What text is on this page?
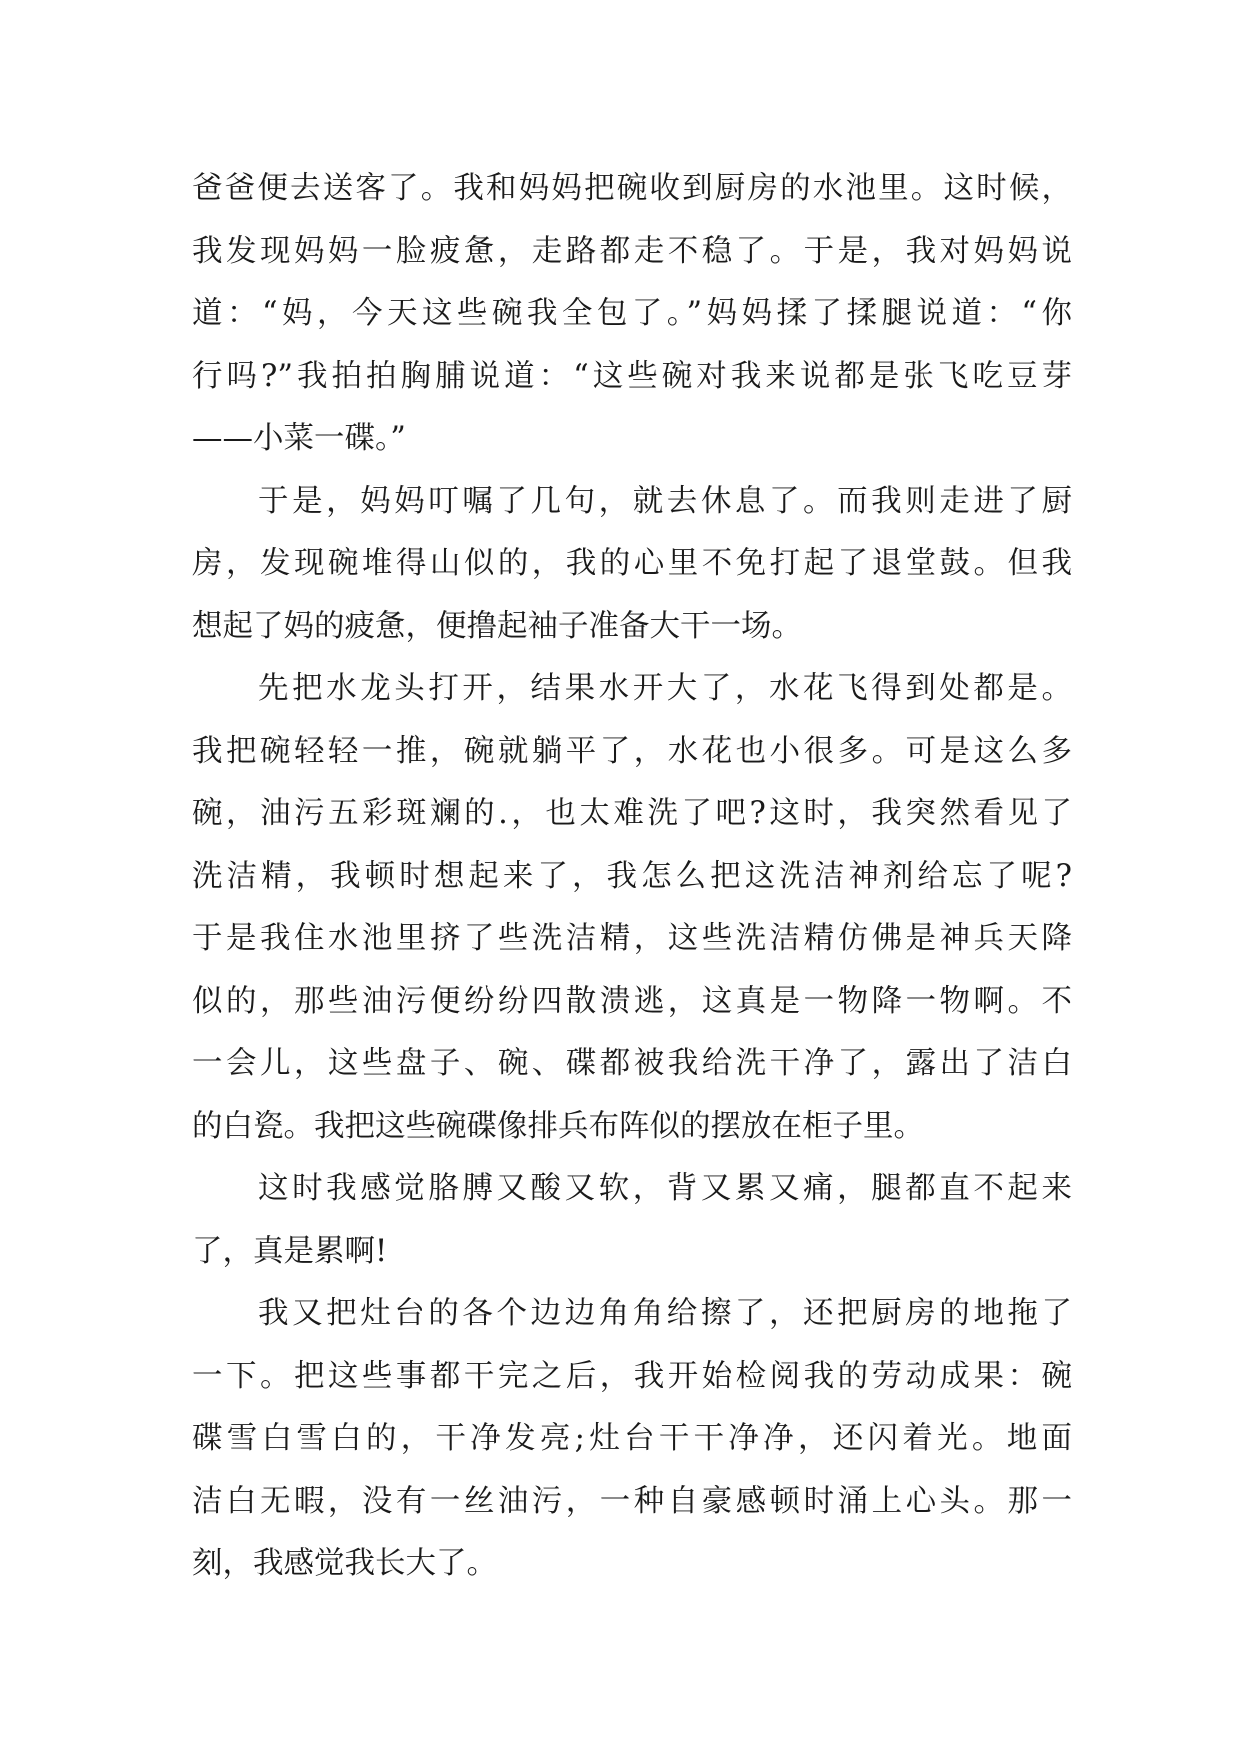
爸爸便去送客了。我和妈妈把碗收到厨房的水池里。这时候，
我发现妈妈一脸疲惫，走路都走不稳了。于是，我对妈妈说
道：“妈，今天这些碗我全包了。”妈妈揉了揉腿说道：“你
行吗?”我拍拍胸脯说道：“这些碗对我来说都是张飞吃豆芽
——小菜一碟。”
于是，妈妈叮嘱了几句，就去休息了。而我则走进了厨
房，发现碗堆得山似的，我的心里不免打起了退堂鼓。但我
想起了妈的疲惫，便撸起袖子准备大干一场。
先把水龙头打开，结果水开大了，水花飞得到处都是。
我把碗轻轻一推，碗就躺平了，水花也小很多。可是这么多
碗，油污五彩斑斓的.，也太难洗了吧?这时，我突然看见了
洗洁精，我顿时想起来了，我怎么把这洗洁神剂给忘了呢?
于是我住水池里挤了些洗洁精，这些洗洁精仿佛是神兵天降
似的，那些油污便纷纷四散溃逃，这真是一物降一物啊。不
一会儿，这些盘子、碗、碟都被我给洗干净了，露出了洁白
的白瓷。我把这些碗碟像排兵布阵似的摆放在柜子里。
这时我感觉胳膊又酸又软，背又累又痛，腿都直不起来
了，真是累啊!
我又把灶台的各个边边角角给擦了，还把厨房的地拖了
一下。把这些事都干完之后，我开始检阅我的劳动成果：碗
碟雪白雪白的，干净发亮;灶台干干净净，还闪着光。地面
洁白无暇，没有一丝油污，一种自豪感顿时涌上心头。那一
刻，我感觉我长大了。
